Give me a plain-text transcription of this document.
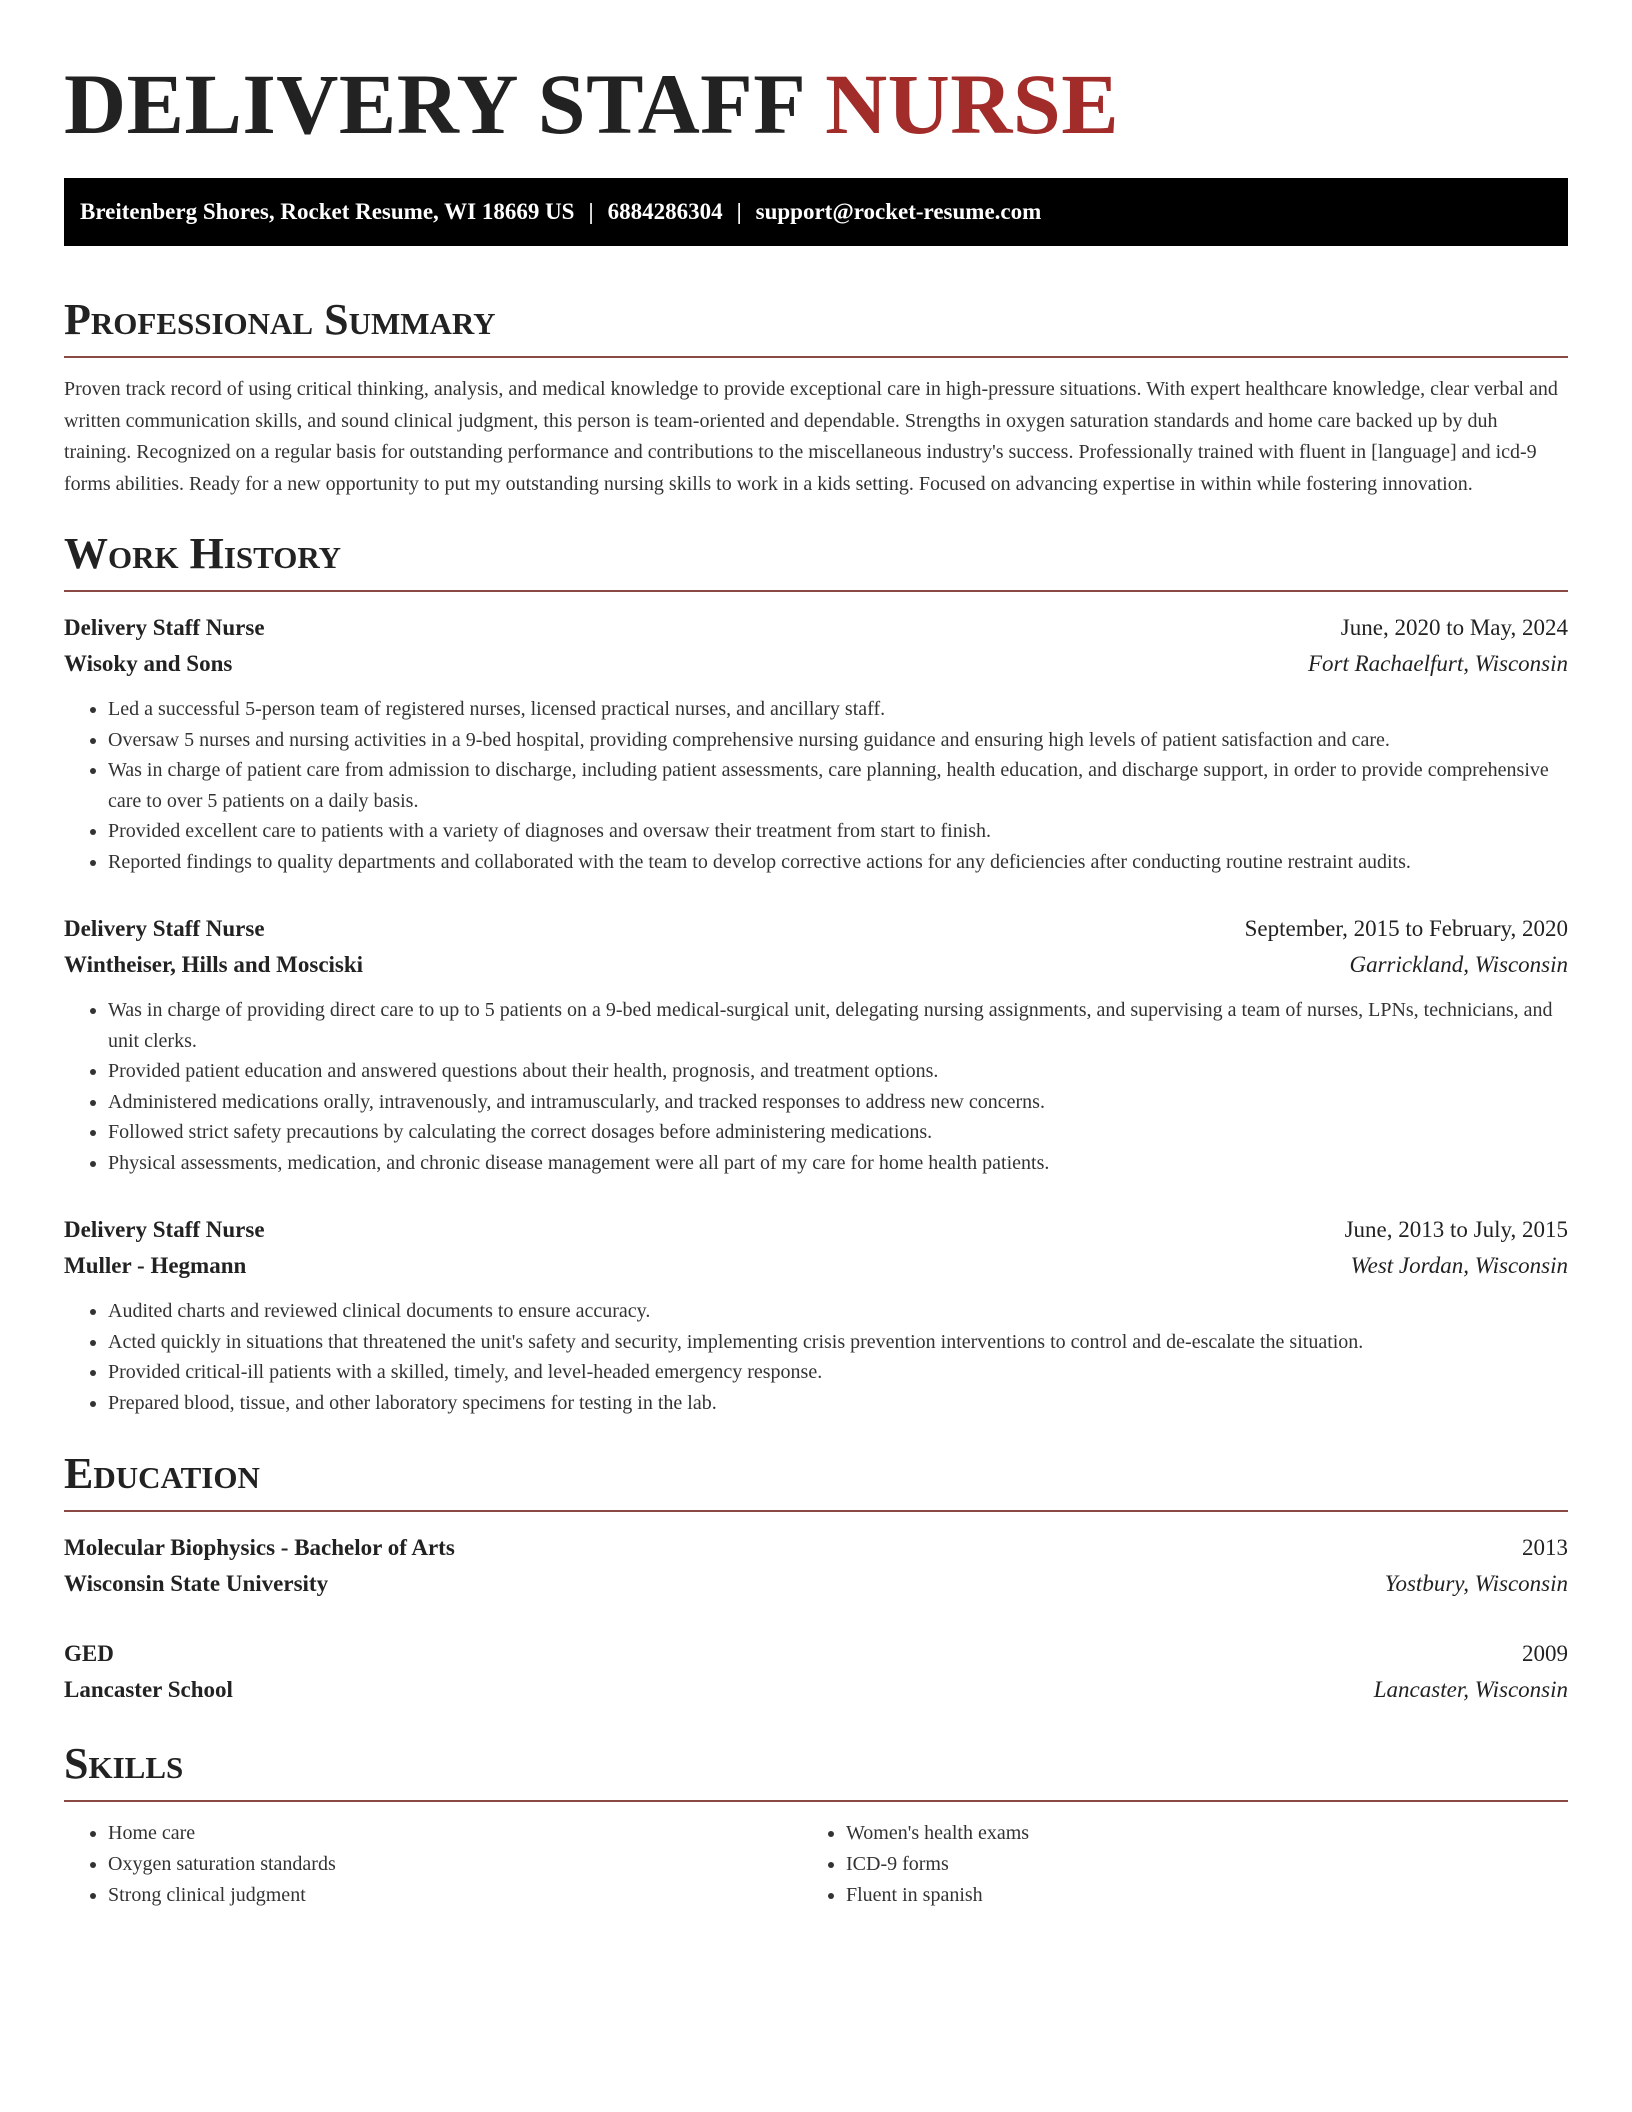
DELIVERY STAFF NURSE
Breitenberg Shores, Rocket Resume, WI 18669 US | 6884286304 | support@rocket-resume.com
Professional Summary

Proven track record of using critical thinking, analysis, and medical knowledge to provide exceptional care in high-pressure situations. With expert healthcare knowledge, clear verbal and written communication skills, and sound clinical judgment, this person is team-oriented and dependable. Strengths in oxygen saturation standards and home care backed up by duh training. Recognized on a regular basis for outstanding performance and contributions to the miscellaneous industry's success. Professionally trained with fluent in [language] and icd-9 forms abilities. Ready for a new opportunity to put my outstanding nursing skills to work in a kids setting. Focused on advancing expertise in within while fostering innovation.

Work History
Delivery Staff Nurse	June, 2020 to May, 2024
Wisoky and Sons	Fort Rachaelfurt, Wisconsin
• Led a successful 5-person team of registered nurses, licensed practical nurses, and ancillary staff.
• Oversaw 5 nurses and nursing activities in a 9-bed hospital, providing comprehensive nursing guidance and ensuring high levels of patient satisfaction and care.
• Was in charge of patient care from admission to discharge, including patient assessments, care planning, health education, and discharge support, in order to provide comprehensive care to over 5 patients on a daily basis.
• Provided excellent care to patients with a variety of diagnoses and oversaw their treatment from start to finish.
• Reported findings to quality departments and collaborated with the team to develop corrective actions for any deficiencies after conducting routine restraint audits.
Delivery Staff Nurse	September, 2015 to February, 2020
Wintheiser, Hills and Mosciski	Garrickland, Wisconsin
• Was in charge of providing direct care to up to 5 patients on a 9-bed medical-surgical unit, delegating nursing assignments, and supervising a team of nurses, LPNs, technicians, and unit clerks.
• Provided patient education and answered questions about their health, prognosis, and treatment options.
• Administered medications orally, intravenously, and intramuscularly, and tracked responses to address new concerns.
• Followed strict safety precautions by calculating the correct dosages before administering medications.
• Physical assessments, medication, and chronic disease management were all part of my care for home health patients.
Delivery Staff Nurse	June, 2013 to July, 2015
Muller - Hegmann	West Jordan, Wisconsin
• Audited charts and reviewed clinical documents to ensure accuracy.
• Acted quickly in situations that threatened the unit's safety and security, implementing crisis prevention interventions to control and de-escalate the situation.
• Provided critical-ill patients with a skilled, timely, and level-headed emergency response.
• Prepared blood, tissue, and other laboratory specimens for testing in the lab.
Education
Molecular Biophysics - Bachelor of Arts	2013
Wisconsin State University	Yostbury, Wisconsin
GED	2009
Lancaster School	Lancaster, Wisconsin
Skills
• Home care
• Oxygen saturation standards
• Strong clinical judgment
• Women's health exams
• ICD-9 forms
• Fluent in spanish
